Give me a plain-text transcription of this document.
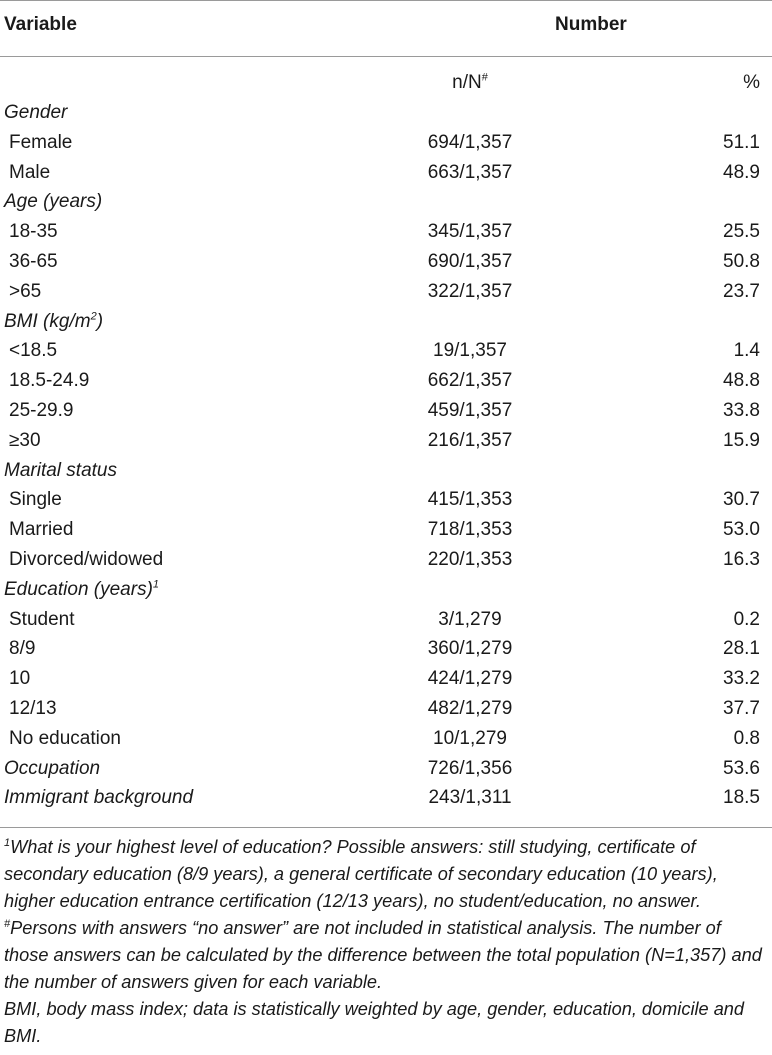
Variable	Number
n/N#	%
Gender
Female	694/1,357	51.1
Male	663/1,357	48.9
Age (years)
18-35	345/1,357	25.5
36-65	690/1,357	50.8
>65	322/1,357	23.7
BMI $(kg/m^2)$
<18.5	19/1,357	1.4
18.5-24.9	662/1,357	48.8
25-29.9	459/1,357	33.8
≥30	216/1,357	15.9
Marital status
Single	415/1,353	30.7
Married	718/1,353	53.0
Divorced/widowed	220/1,353	16.3
Education (years)$^1$
Student	3/1,279	0.2
8/9	360/1,279	28.1
10	424/1,279	33.2
12/13	482/1,279	37.7
No education	10/1,279	0.8
Occupation	726/1,356	53.6
Immigrant background	243/1,311	18.5

$^1$What is your highest level of education? Possible answers: still studying, certificate of secondary education (8/9 years), a general certificate of secondary education (10 years), higher education entrance certification (12/13 years), no student/education, no answer.

#Persons with answers “no answer” are not included in statistical analysis. The number of those answers can be calculated by the difference between the total population (N=1,357) and the number of answers given for each variable.

BMI, body mass index; data is statistically weighted by age, gender, education, domicile and BMI.
